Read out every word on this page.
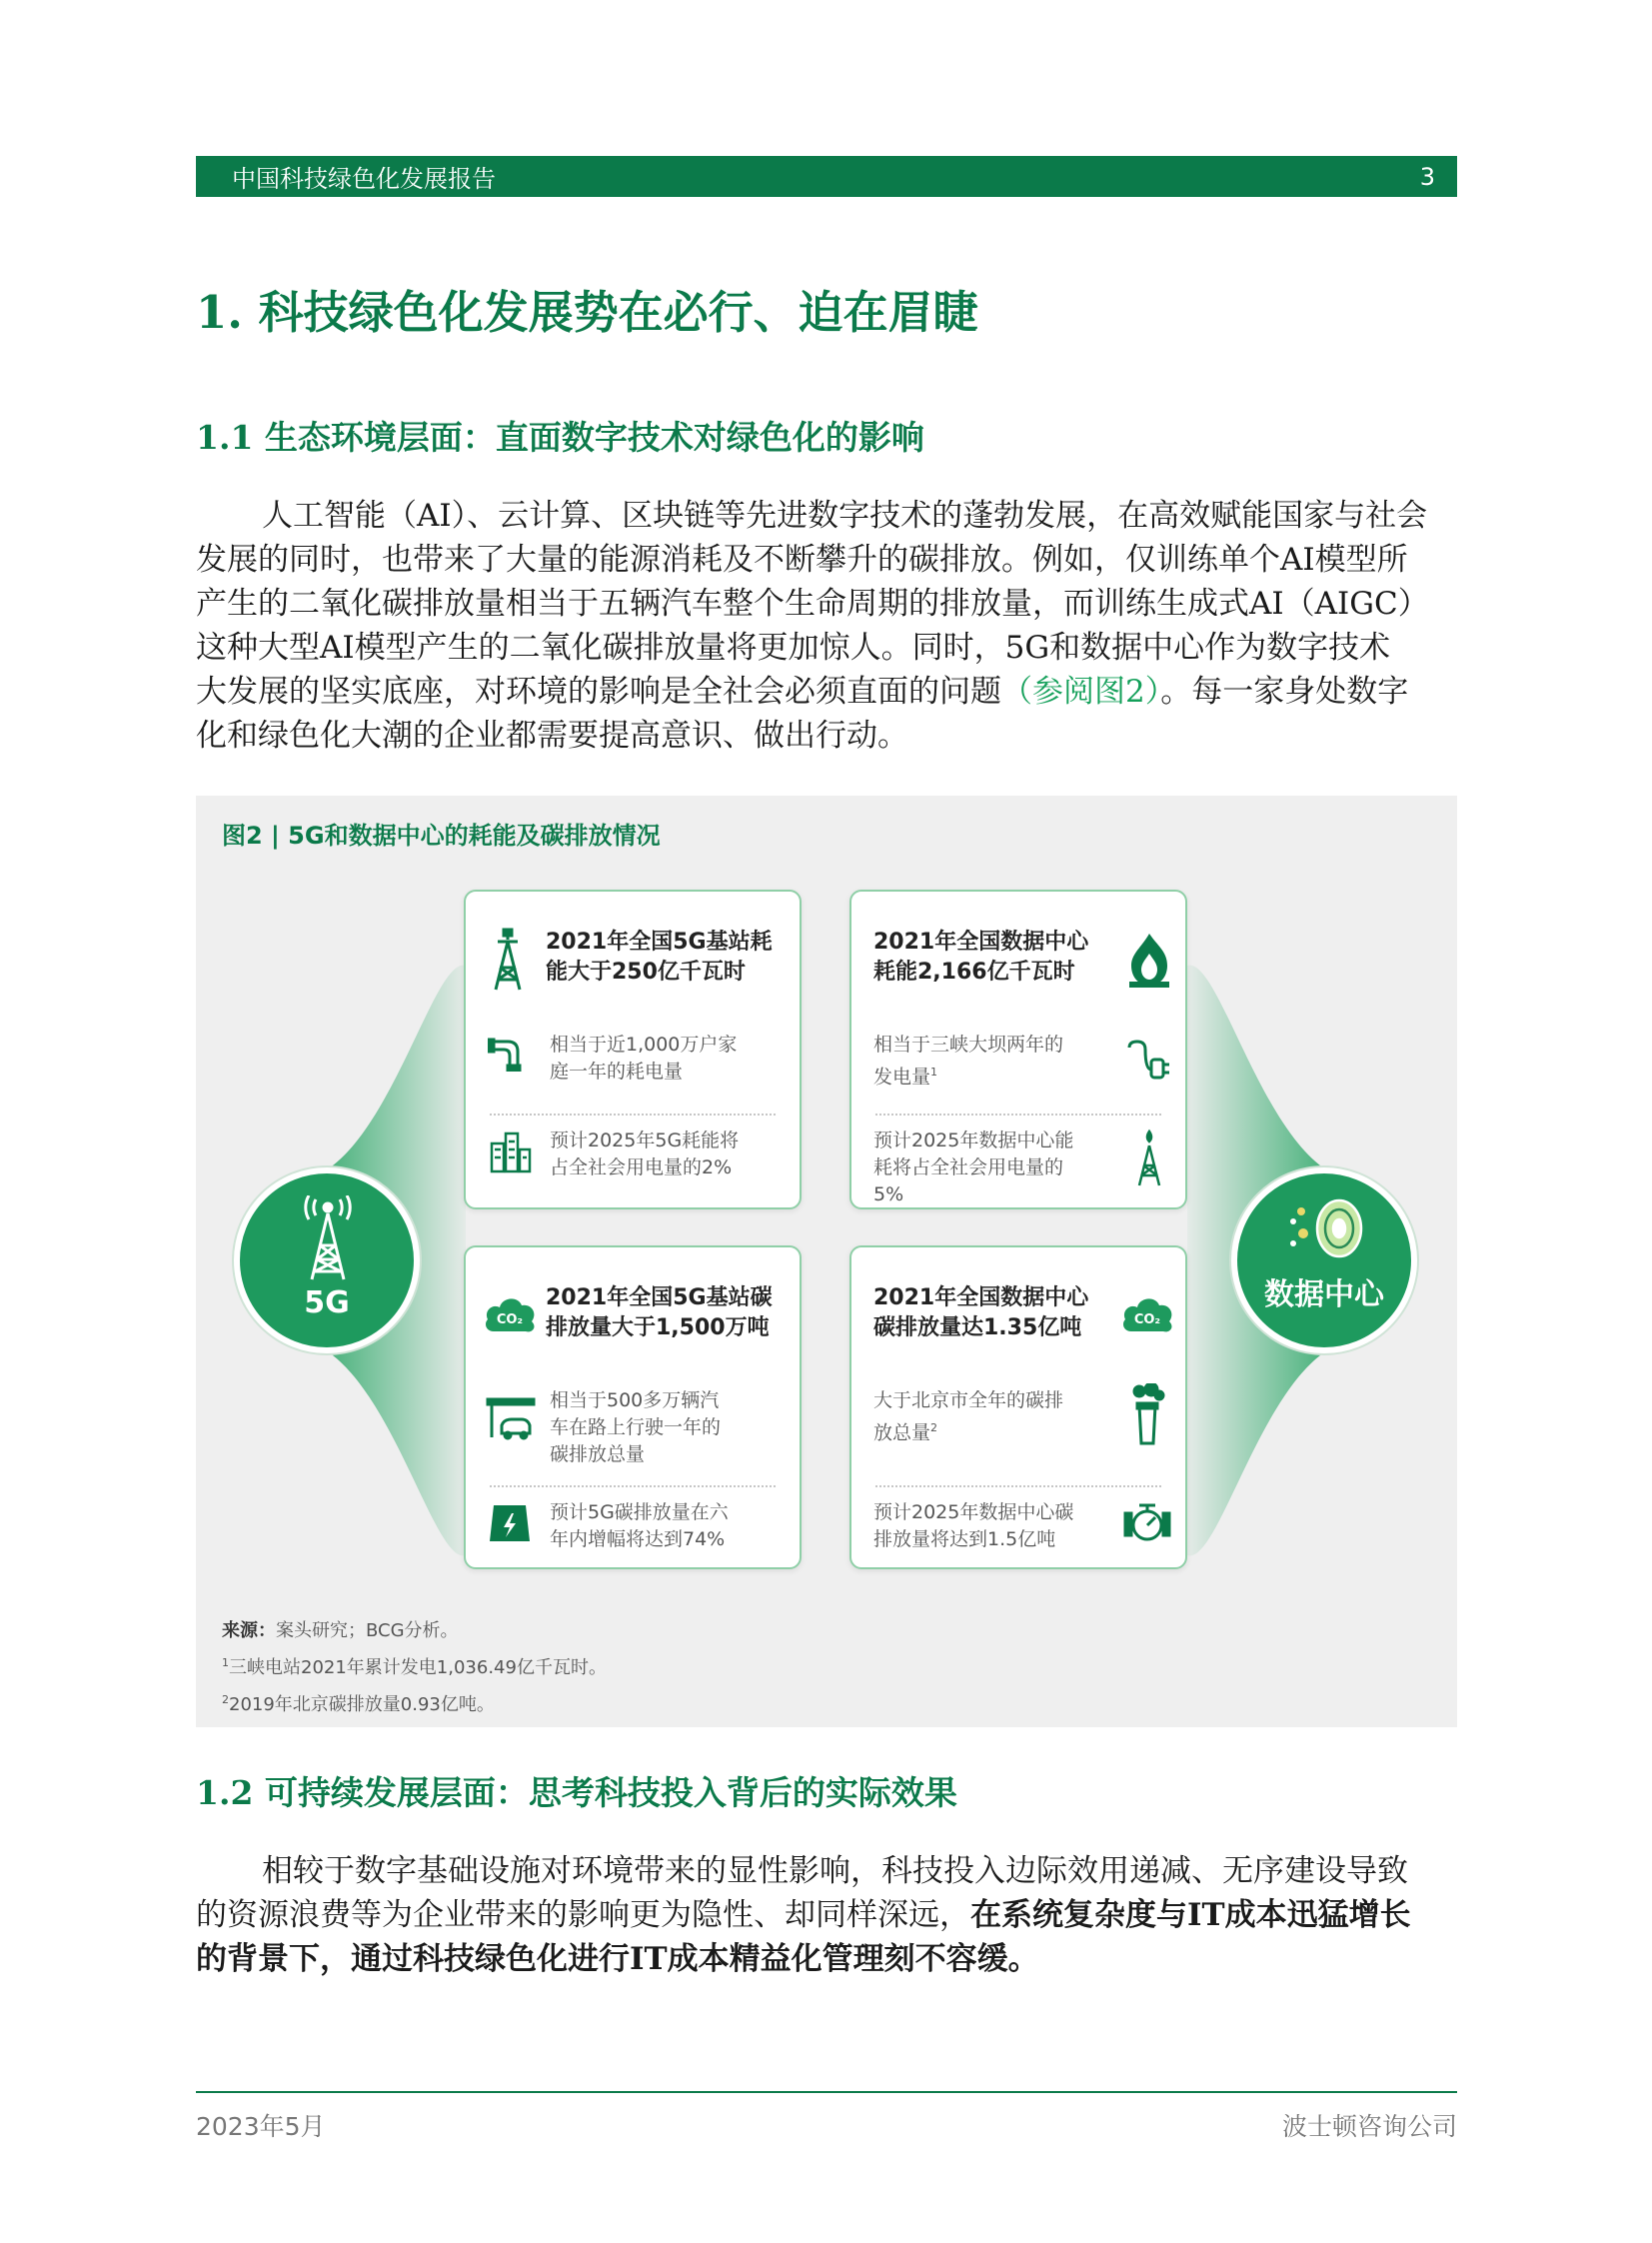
中国科技绿色化发展报告	3
1. 科技绿色化发展势在必行、迫在眉睫
1.1 生态环境层面：直面数字技术对绿色化的影响
人工智能（AI）、云计算、区块链等先进数字技术的蓬勃发展，在高效赋能国家与社会
发展的同时，也带来了大量的能源消耗及不断攀升的碳排放。例如，仅训练单个AI模型所
产生的二氧化碳排放量相当于五辆汽车整个生命周期的排放量，而训练生成式AI（AIGC）
这种大型AI模型产生的二氧化碳排放量将更加惊人。同时，5G和数据中心作为数字技术
大发展的坚实底座，对环境的影响是全社会必须直面的问题（参阅图2）。每一家身处数字
化和绿色化大潮的企业都需要提高意识、做出行动。
图2 | 5G和数据中心的耗能及碳排放情况
5G	数据中心
2021年全国5G基站耗
能大于250亿千瓦时
相当于近1,000万户家
庭一年的耗电量
预计2025年5G耗能将
占全社会用电量的2%
2021年全国数据中心
耗能2,166亿千瓦时
相当于三峡大坝两年的
发电量$^1$
预计2025年数据中心能
耗将占全社会用电量的
5%
CO₂
2021年全国5G基站碳
排放量大于1,500万吨
相当于500多万辆汽
车在路上行驶一年的
碳排放总量
预计5G碳排放量在六
年内增幅将达到74%
2021年全国数据中心
碳排放量达1.35亿吨	CO₂
大于北京市全年的碳排
放总量$^2$
预计2025年数据中心碳
排放量将达到1.5亿吨
来源：案头研究；BCG分析。
$^1$三峡电站2021年累计发电1,036.49亿千瓦时。
$^2$2019年北京碳排放量0.93亿吨。
1.2 可持续发展层面：思考科技投入背后的实际效果
相较于数字基础设施对环境带来的显性影响，科技投入边际效用递减、无序建设导致
的资源浪费等为企业带来的影响更为隐性、却同样深远，在系统复杂度与IT成本迅猛增长
的背景下，通过科技绿色化进行IT成本精益化管理刻不容缓。
2023年5月	波士顿咨询公司
